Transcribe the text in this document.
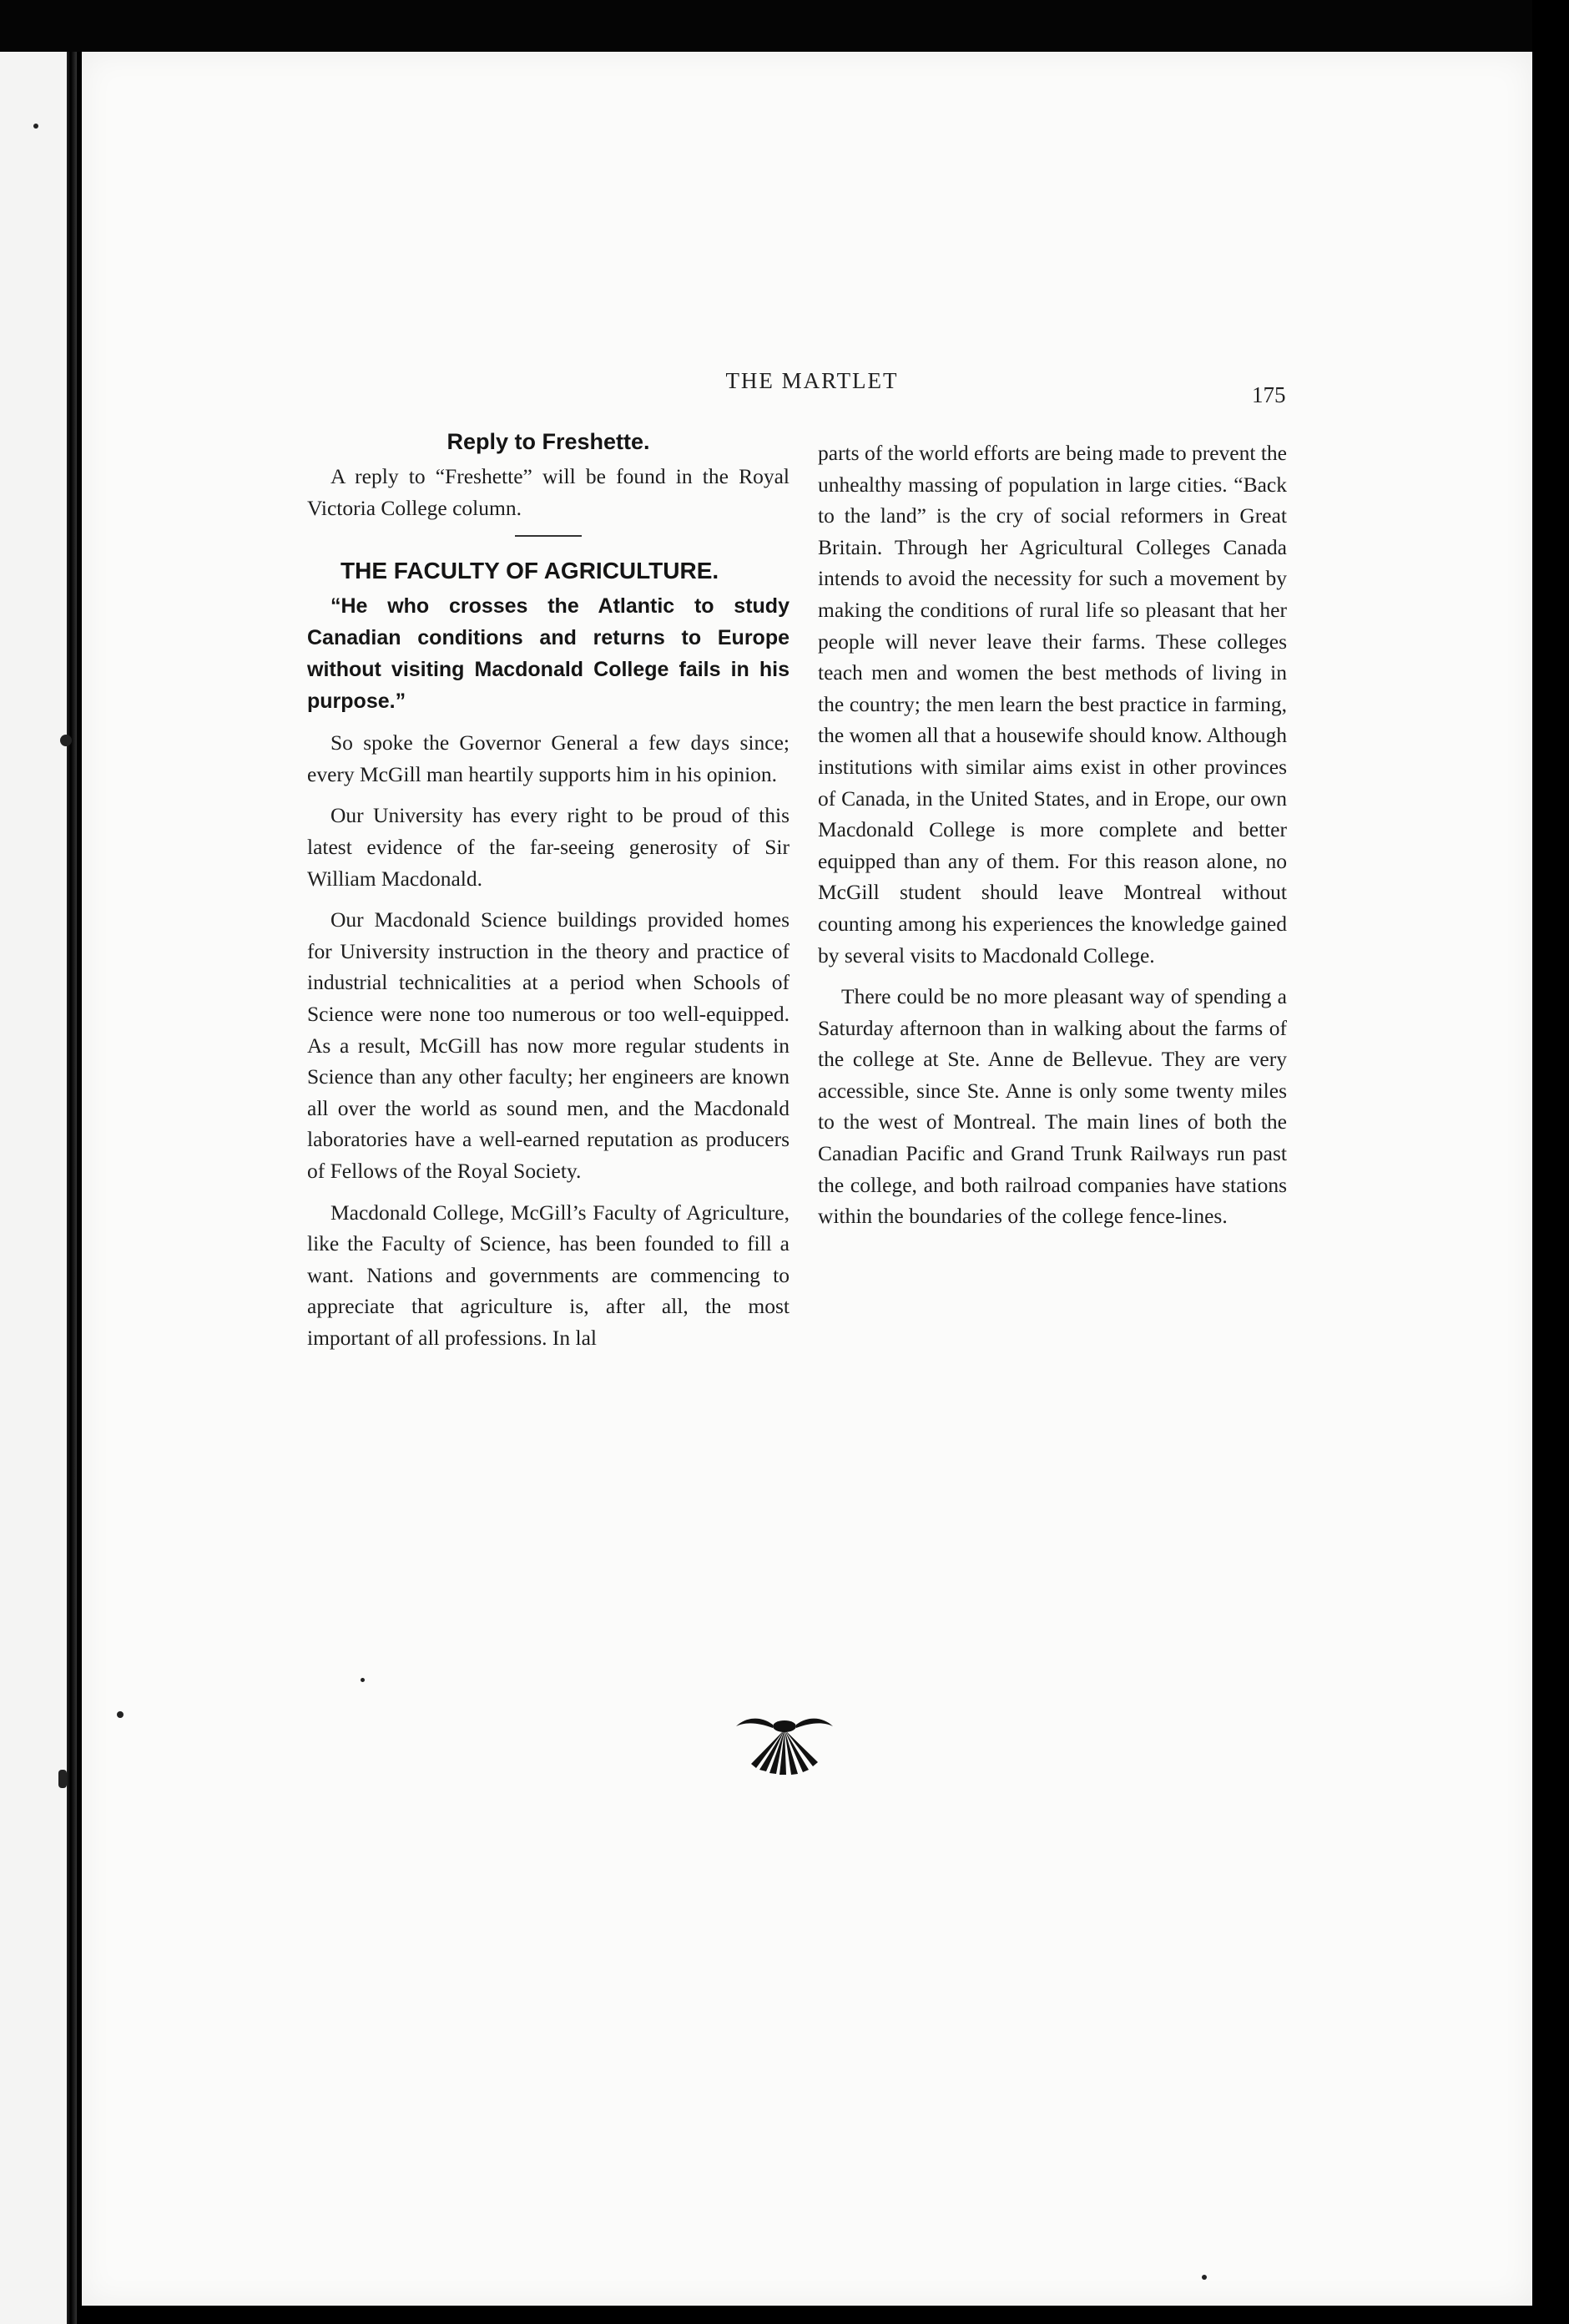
THE MARTLET
175
Reply to Freshette.

A reply to “Freshette” will be found in the Royal Victoria College column.

THE FACULTY OF AGRICULTURE.
“He who crosses the Atlantic to study Canadian conditions and returns to Europe without visiting Macdonald College fails in his purpose.”

So spoke the Governor General a few days since; every McGill man heartily supports him in his opinion.

Our University has every right to be proud of this latest evidence of the far-seeing generosity of Sir William Macdonald.

Our Macdonald Science buildings provided homes for University instruction in the theory and practice of industrial technicalities at a period when Schools of Science were none too numerous or too well-equipped. As a result, McGill has now more regular students in Science than any other faculty; her engineers are known all over the world as sound men, and the Macdonald laboratories have a well-earned reputation as producers of Fellows of the Royal Society.

Macdonald College, McGill’s Faculty of Agriculture, like the Faculty of Science, has been founded to fill a want. Nations and governments are commencing to appreciate that agriculture is, after all, the most important of all professions. In lal

parts of the world efforts are being made to prevent the unhealthy massing of population in large cities. “Back to the land” is the cry of social reformers in Great Britain. Through her Agricultural Colleges Canada intends to avoid the necessity for such a movement by making the conditions of rural life so pleasant that her people will never leave their farms. These colleges teach men and women the best methods of living in the country; the men learn the best practice in farming, the women all that a housewife should know. Although institutions with similar aims exist in other provinces of Canada, in the United States, and in Erope, our own Macdonald College is more complete and better equipped than any of them. For this reason alone, no McGill student should leave Montreal without counting among his experiences the knowledge gained by several visits to Macdonald College.

There could be no more pleasant way of spending a Saturday afternoon than in walking about the farms of the college at Ste. Anne de Bellevue. They are very accessible, since Ste. Anne is only some twenty miles to the west of Montreal. The main lines of both the Canadian Pacific and Grand Trunk Railways run past the college, and both railroad companies have stations within the boundaries of the college fence-lines.
